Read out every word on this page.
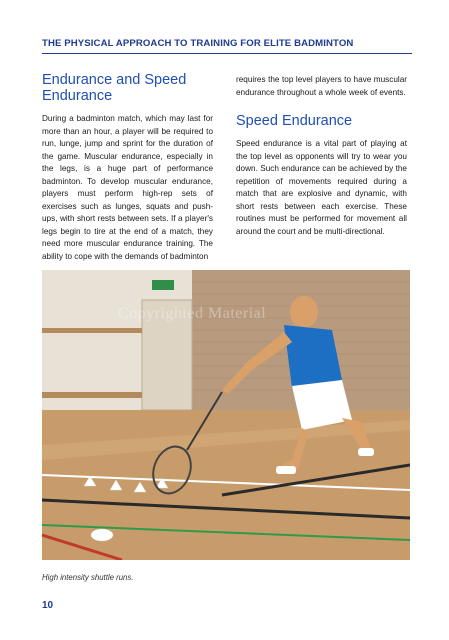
THE PHYSICAL APPROACH TO TRAINING FOR ELITE BADMINTON
Endurance and Speed Endurance

During a badminton match, which may last for more than an hour, a player will be required to run, lunge, jump and sprint for the duration of the game. Muscular endurance, especially in the legs, is a huge part of performance badminton. To develop muscular endurance, players must perform high-rep sets of exercises such as lunges, squats and push-ups, with short rests between sets. If a player's legs begin to tire at the end of a match, they need more muscular endurance training. The ability to cope with the demands of badminton

requires the top level players to have muscular endurance throughout a whole week of events.

Speed Endurance

Speed endurance is a vital part of playing at the top level as opponents will try to wear you down. Such endurance can be achieved by the repetition of movements required during a match that are explosive and dynamic, with short rests between each exercise. These routines must be performed for movement all around the court and be multi-directional.

Copyrighted Material
High intensity shuttle runs.
10
